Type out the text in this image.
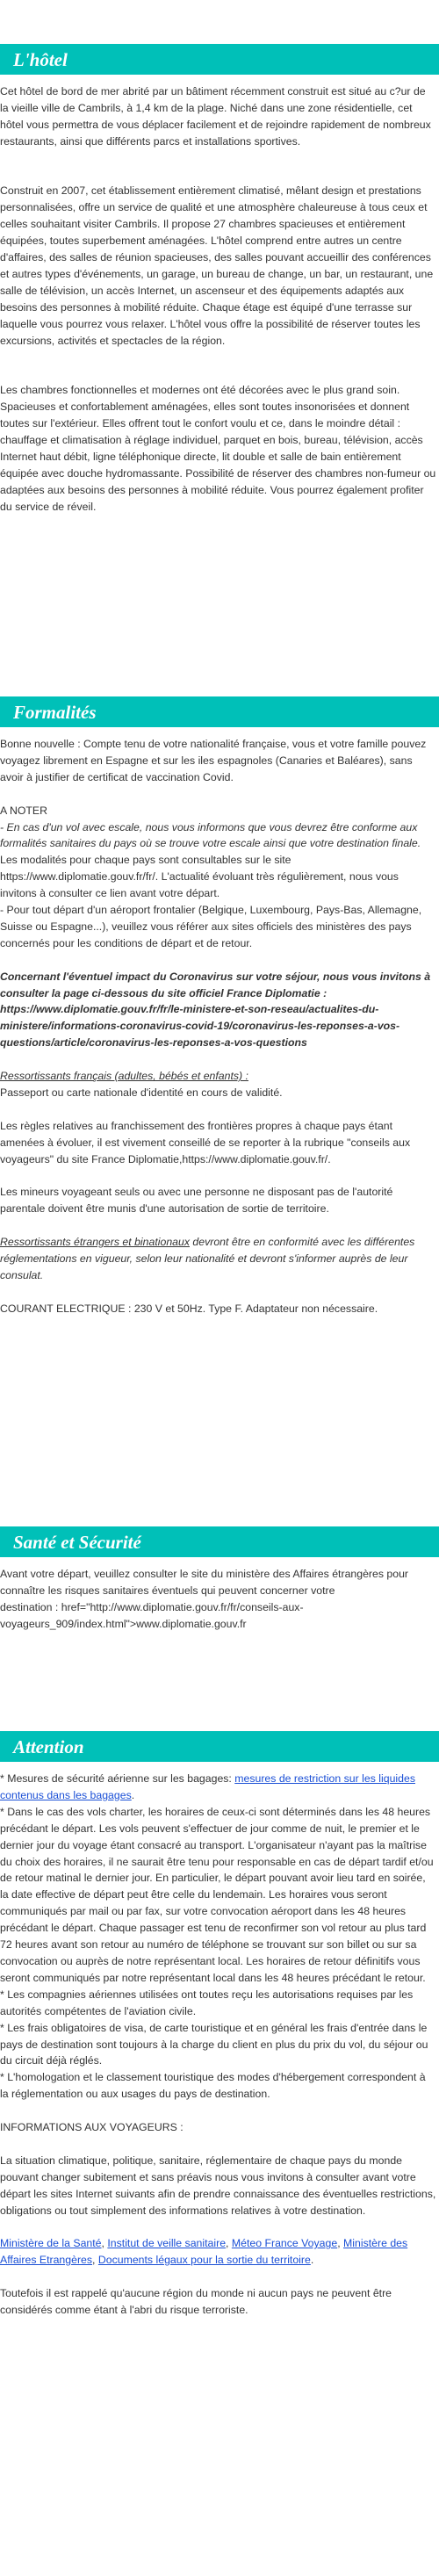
L'hôtel

Cet hôtel de bord de mer abrité par un bâtiment récemment construit est situé au c?ur de la vieille ville de Cambrils, à 1,4 km de la plage. Niché dans une zone résidentielle, cet hôtel vous permettra de vous déplacer facilement et de rejoindre rapidement de nombreux restaurants, ainsi que différents parcs et installations sportives.

Construit en 2007, cet établissement entièrement climatisé, mêlant design et prestations personnalisées, offre un service de qualité et une atmosphère chaleureuse à tous ceux et celles souhaitant visiter Cambrils. Il propose 27 chambres spacieuses et entièrement équipées, toutes superbement aménagées. L'hôtel comprend entre autres un centre d'affaires, des salles de réunion spacieuses, des salles pouvant accueillir des conférences et autres types d'événements, un garage, un bureau de change, un bar, un restaurant, une salle de télévision, un accès Internet, un ascenseur et des équipements adaptés aux besoins des personnes à mobilité réduite. Chaque étage est équipé d'une terrasse sur laquelle vous pourrez vous relaxer. L'hôtel vous offre la possibilité de réserver toutes les excursions, activités et spectacles de la région.

Les chambres fonctionnelles et modernes ont été décorées avec le plus grand soin. Spacieuses et confortablement aménagées, elles sont toutes insonorisées et donnent toutes sur l'extérieur. Elles offrent tout le confort voulu et ce, dans le moindre détail : chauffage et climatisation à réglage individuel, parquet en bois, bureau, télévision, accès Internet haut débit, ligne téléphonique directe, lit double et salle de bain entièrement équipée avec douche hydromassante. Possibilité de réserver des chambres non-fumeur ou adaptées aux besoins des personnes à mobilité réduite. Vous pourrez également profiter du service de réveil.

Formalités

Bonne nouvelle : Compte tenu de votre nationalité française, vous et votre famille pouvez voyagez librement en Espagne et sur les iles espagnoles (Canaries et Baléares), sans avoir à justifier de certificat de vaccination Covid.

A NOTER

- En cas d'un vol avec escale, nous vous informons que vous devrez être conforme aux formalités sanitaires du pays où se trouve votre escale ainsi que votre destination finale.

Les modalités pour chaque pays sont consultables sur le site https://www.diplomatie.gouv.fr/fr/. L'actualité évoluant très régulièrement, nous vous invitons à consulter ce lien avant votre départ.

- Pour tout départ d'un aéroport frontalier (Belgique, Luxembourg, Pays-Bas, Allemagne, Suisse ou Espagne...), veuillez vous référer aux sites officiels des ministères des pays concernés pour les conditions de départ et de retour.

Concernant l'éventuel impact du Coronavirus sur votre séjour, nous vous invitons à consulter la page ci-dessous du site officiel France Diplomatie : https://www.diplomatie.gouv.fr/fr/le-ministere-et-son-reseau/actualites-du-ministere/informations-coronavirus-covid-19/coronavirus-les-reponses-a-vos-questions/article/coronavirus-les-reponses-a-vos-questions

Ressortissants français (adultes, bébés et enfants) :

Passeport ou carte nationale d'identité en cours de validité.

Les règles relatives au franchissement des frontières propres à chaque pays étant amenées à évoluer, il est vivement conseillé de se reporter à la rubrique "conseils aux voyageurs" du site France Diplomatie,https://www.diplomatie.gouv.fr/.

Les mineurs voyageant seuls ou avec une personne ne disposant pas de l'autorité parentale doivent être munis d'une autorisation de sortie de territoire.

Ressortissants étrangers et binationaux devront être en conformité avec les différentes réglementations en vigueur, selon leur nationalité et devront s'informer auprès de leur consulat.

COURANT ELECTRIQUE : 230 V et 50Hz. Type F. Adaptateur non nécessaire.

Santé et Sécurité

Avant votre départ, veuillez consulter le site du ministère des Affaires étrangères pour connaître les risques sanitaires éventuels qui peuvent concerner votre

destination : href="http://www.diplomatie.gouv.fr/fr/conseils-aux-voyageurs_909/index.html">www.diplomatie.gouv.fr

Attention

* Mesures de sécurité aérienne sur les bagages: mesures de restriction sur les liquides contenus dans les bagages.

* Dans le cas des vols charter, les horaires de ceux-ci sont déterminés dans les 48 heures précédant le départ. Les vols peuvent s'effectuer de jour comme de nuit, le premier et le dernier jour du voyage étant consacré au transport. L'organisateur n'ayant pas la maîtrise du choix des horaires, il ne saurait être tenu pour responsable en cas de départ tardif et/ou de retour matinal le dernier jour. En particulier, le départ pouvant avoir lieu tard en soirée, la date effective de départ peut être celle du lendemain. Les horaires vous seront communiqués par mail ou par fax, sur votre convocation aéroport dans les 48 heures précédant le départ. Chaque passager est tenu de reconfirmer son vol retour au plus tard 72 heures avant son retour au numéro de téléphone se trouvant sur son billet ou sur sa convocation ou auprès de notre représentant local. Les horaires de retour définitifs vous seront communiqués par notre représentant local dans les 48 heures précédant le retour.

* Les compagnies aériennes utilisées ont toutes reçu les autorisations requises par les autorités compétentes de l'aviation civile.

* Les frais obligatoires de visa, de carte touristique et en général les frais d'entrée dans le pays de destination sont toujours à la charge du client en plus du prix du vol, du séjour ou du circuit déjà réglés.

* L'homologation et le classement touristique des modes d'hébergement correspondent à la réglementation ou aux usages du pays de destination.

INFORMATIONS AUX VOYAGEURS :

La situation climatique, politique, sanitaire, réglementaire de chaque pays du monde pouvant changer subitement et sans préavis nous vous invitons à consulter avant votre départ les sites Internet suivants afin de prendre connaissance des éventuelles restrictions, obligations ou tout simplement des informations relatives à votre destination.

Ministère de la Santé, Institut de veille sanitaire, Méteo France Voyage, Ministère des Affaires Etrangères, Documents légaux pour la sortie du territoire.

Toutefois il est rappelé qu'aucune région du monde ni aucun pays ne peuvent être considérés comme étant à l'abri du risque terroriste.
